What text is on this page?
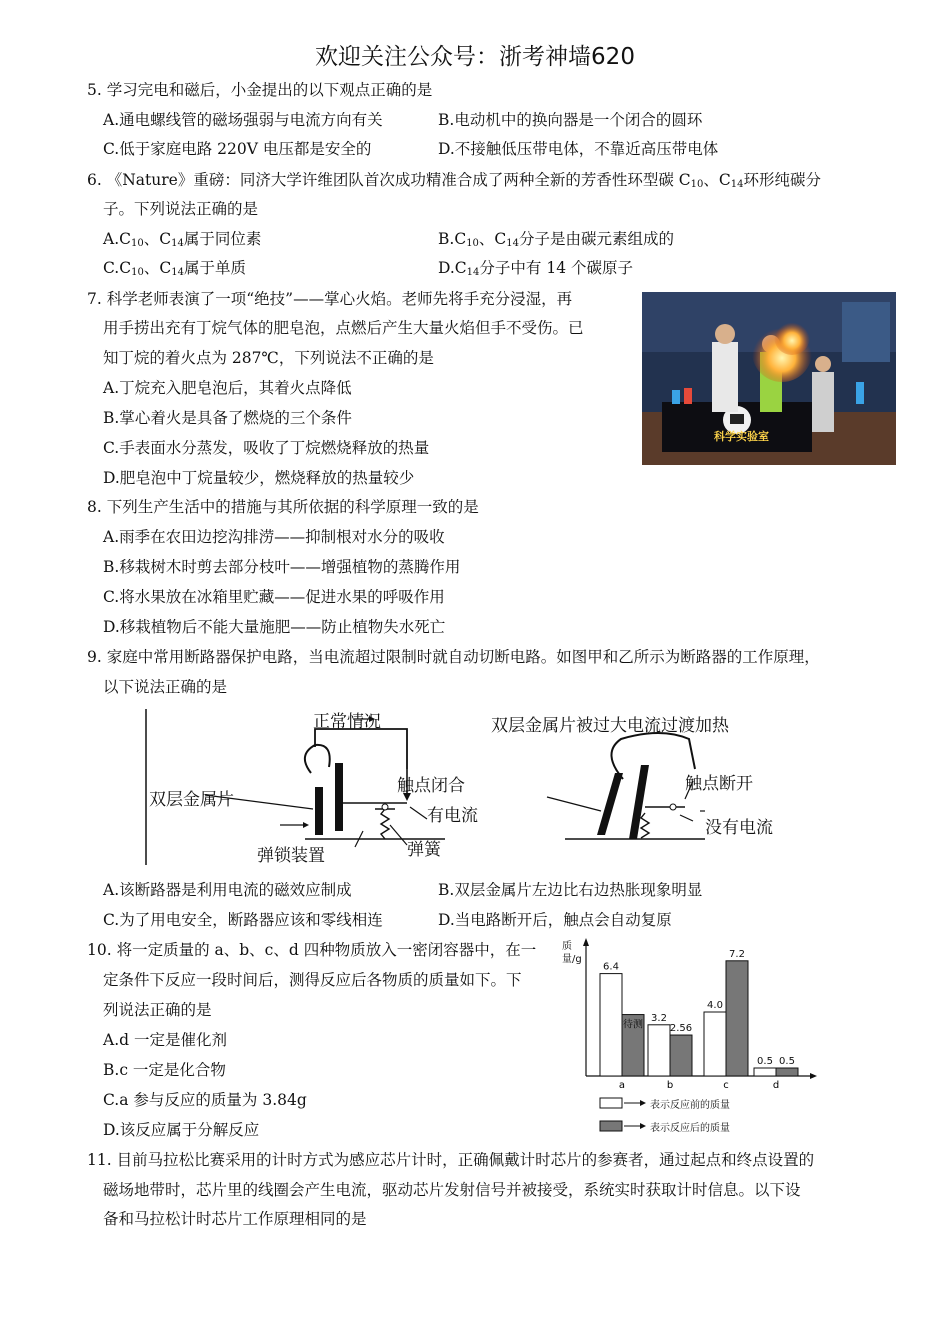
欢迎关注公众号：浙考神墙620
5. 学习完电和磁后，小金提出的以下观点正确的是
A.通电螺线管的磁场强弱与电流方向有关	B.电动机中的换向器是一个闭合的圆环
C.低于家庭电路 220V 电压都是安全的	D.不接触低压带电体，不靠近高压带电体
6. 《Nature》重磅：同济大学许维团队首次成功精准合成了两种全新的芳香性环型碳 $C_{10}$、$C_{14}$环形纯碳分
子。下列说法正确的是
$A.C_{10}$、$C_{14}$属于同位素	$B.C_{10}$、$C_{14}$分子是由碳元素组成的
$C.C_{10}$、$C_{14}$属于单质	$D.C_{14}$分子中有 14 个碳原子
7. 科学老师表演了一项“绝技”——掌心火焰。老师先将手充分浸湿，再
用手捞出充有丁烷气体的肥皂泡，点燃后产生大量火焰但手不受伤。已
知丁烷的着火点为 287℃，下列说法不正确的是
A.丁烷充入肥皂泡后，其着火点降低
B.掌心着火是具备了燃烧的三个条件
C.手表面水分蒸发，吸收了丁烷燃烧释放的热量
D.肥皂泡中丁烷量较少，燃烧释放的热量较少
科学实验室
8. 下列生产生活中的措施与其所依据的科学原理一致的是
A.雨季在农田边挖沟排涝——抑制根对水分的吸收
B.移栽树木时剪去部分枝叶——增强植物的蒸腾作用
C.将水果放在冰箱里贮藏——促进水果的呼吸作用
D.移栽植物后不能大量施肥——防止植物失水死亡
9. 家庭中常用断路器保护电路，当电流超过限制时就自动切断电路。如图甲和乙所示为断路器的工作原理，
以下说法正确的是
正常情况
双层金属片
触点闭合
有电流
弹簧
弹锁装置
双层金属片被过大电流过渡加热
触点断开
没有电流
A.该断路器是利用电流的磁效应制成	B.双层金属片左边比右边热胀现象明显
C.为了用电安全，断路器应该和零线相连	D.当电路断开后，触点会自动复原
10. 将一定质量的 a、b、c、d 四种物质放入一密闭容器中，在一
定条件下反应一段时间后，测得反应后各物质的质量如下。下
列说法正确的是
A.d 一定是催化剂
B.c 一定是化合物
C.a 参与反应的质量为 3.84g
D.该反应属于分解反应
6.4
待测
a
3.2
2.56
b
4.0
7.2
c
0.5 0.5
d
质量/g
表示反应前的质量
表示反应后的质量
11. 目前马拉松比赛采用的计时方式为感应芯片计时，正确佩戴计时芯片的参赛者，通过起点和终点设置的
磁场地带时，芯片里的线圈会产生电流，驱动芯片发射信号并被接受，系统实时获取计时信息。以下设
备和马拉松计时芯片工作原理相同的是
